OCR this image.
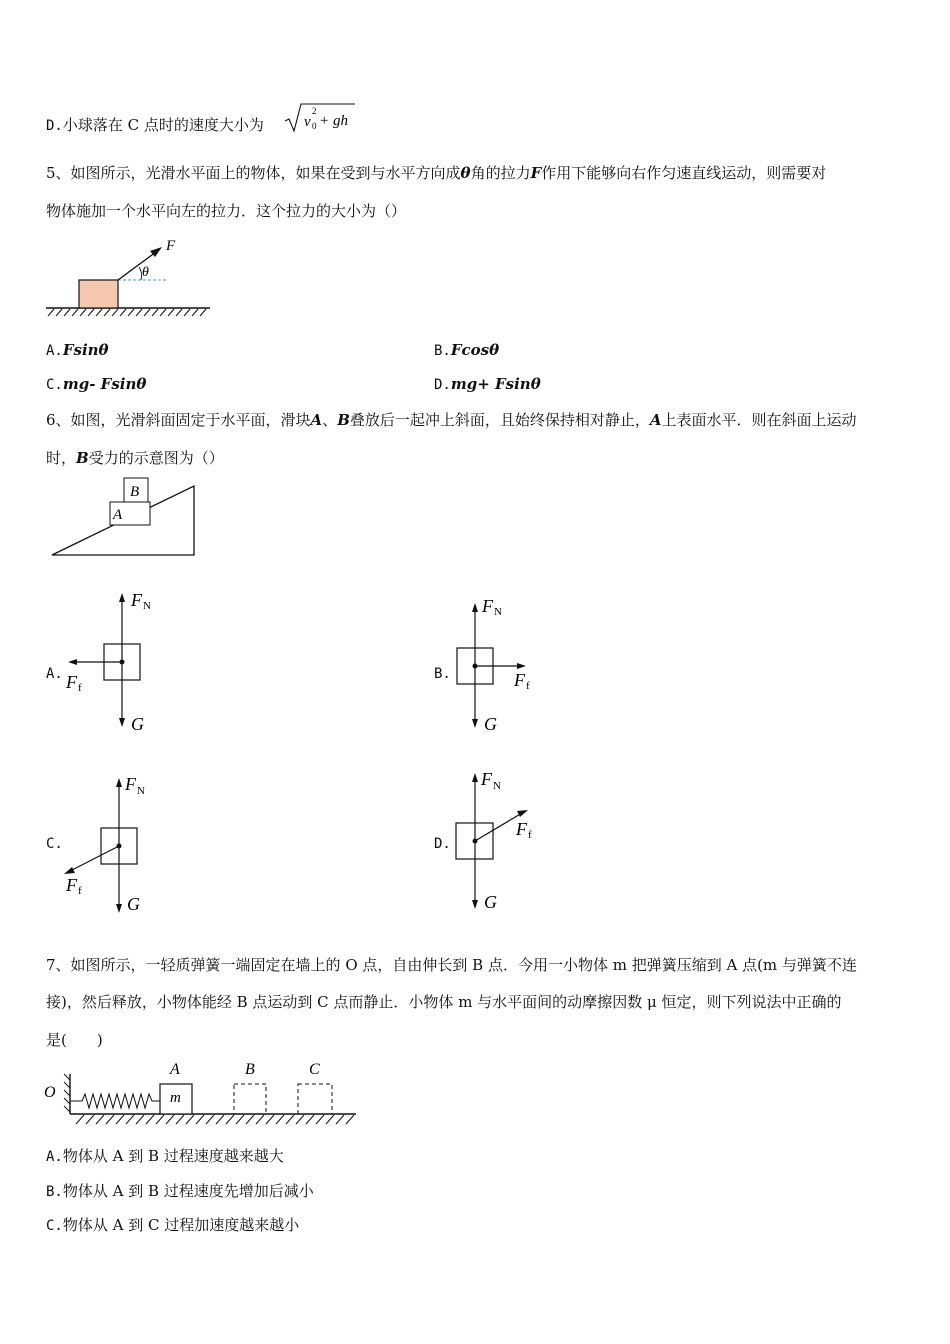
D.小球落在 C 点时的速度大小为	v
2
0 + gh
5、如图所示，光滑水平面上的物体，如果在受到与水平方向成θ角的拉力F作用下能够向右作匀速直线运动，则需要对
物体施加一个水平向左的拉力．这个拉力的大小为（）
F
θ
A.Fsinθ	B.Fcosθ
C.mg- Fsinθ	D.mg+ Fsinθ
6、如图，光滑斜面固定于水平面，滑块A、B叠放后一起冲上斜面，且始终保持相对静止，A上表面水平．则在斜面上运动
时，B受力的示意图为（）
B
A
A.
F N
F f
G
B.
F N
F f
G
C.
F N
F f
G
D.
F N
F f
G
7、如图所示，一轻质弹簧一端固定在墙上的 O 点，自由伸长到 B 点．今用一小物体 m 把弹簧压缩到 A 点(m 与弹簧不连
接)，然后释放，小物体能经 B 点运动到 C 点而静止．小物体 m 与水平面间的动摩擦因数 μ 恒定，则下列说法中正确的
是(　　)
O	m
A	B	C
A.物体从 A 到 B 过程速度越来越大
B.物体从 A 到 B 过程速度先增加后减小
C.物体从 A 到 C 过程加速度越来越小
